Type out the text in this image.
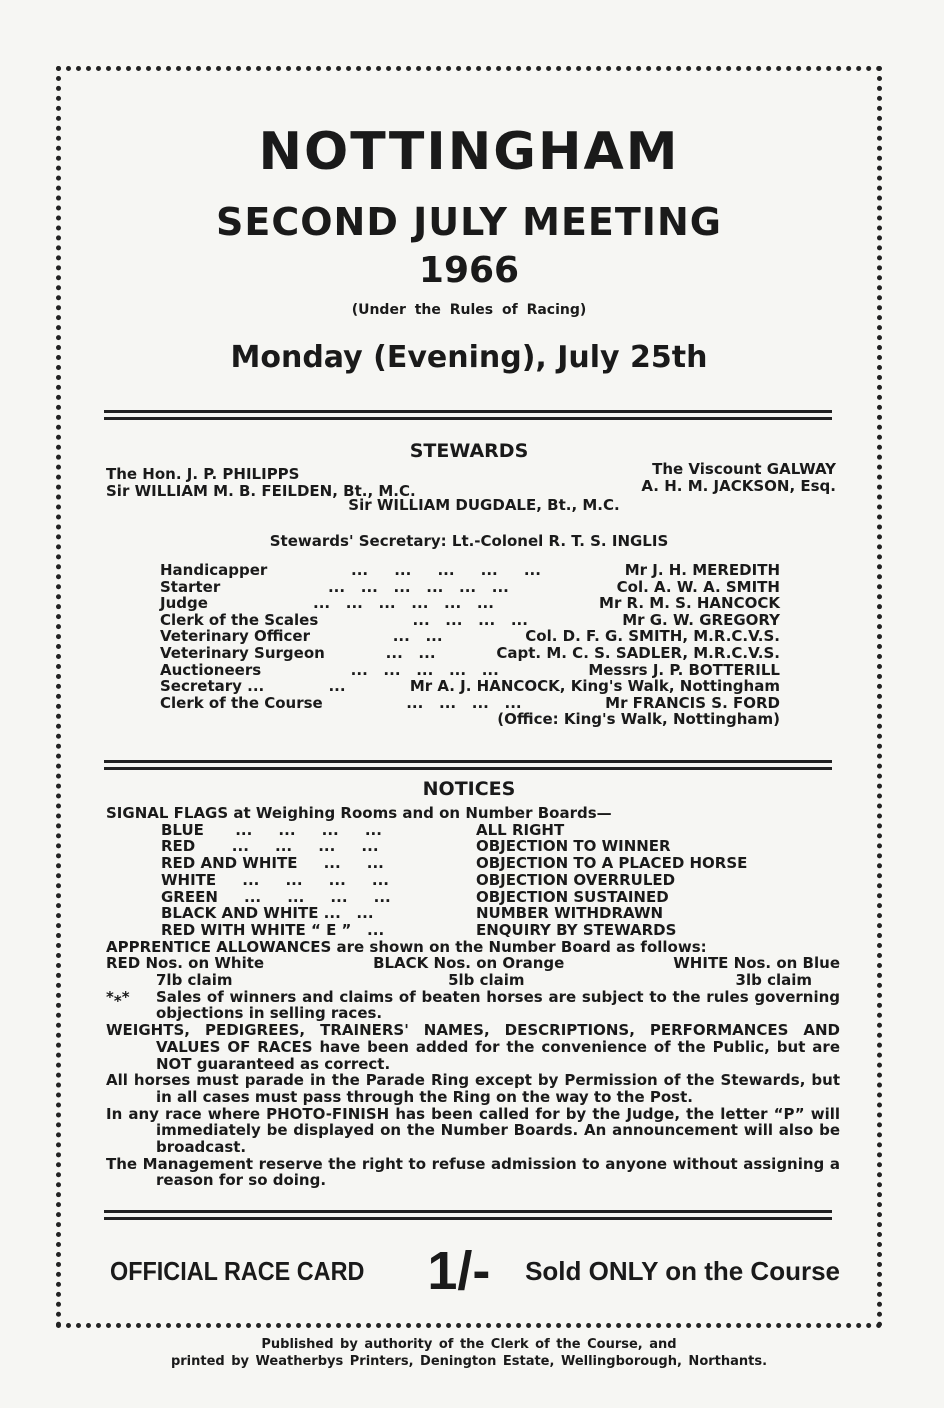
NOTTINGHAM
SECOND JULY MEETING
1966
(Under the Rules of Racing)
Monday (Evening), July 25th
STEWARDS
The Hon. J. P. PHILIPPS
Sir WILLIAM M. B. FEILDEN, Bt., M.C.
The Viscount GALWAY
A. H. M. JACKSON, Esq.
Sir WILLIAM DUGDALE, Bt., M.C.
Stewards' Secretary: Lt.-Colonel R. T. S. INGLIS
Handicapper	...     ...     ...     ...     ...	Mr J. H. MEREDITH
Starter	...   ...   ...   ...   ...   ...	Col. A. W. A. SMITH
Judge	...   ...   ...   ...   ...   ...	Mr R. M. S. HANCOCK
Clerk of the Scales	...   ...   ...   ...	Mr G. W. GREGORY
Veterinary Officer	...   ...	Col. D. F. G. SMITH, M.R.C.V.S.
Veterinary Surgeon	...   ...	Capt. M. C. S. SADLER, M.R.C.V.S.
Auctioneers	...   ...   ...   ...   ...	Messrs J. P. BOTTERILL
Secretary ...	...	Mr A. J. HANCOCK, King's Walk, Nottingham
Clerk of the Course	...   ...   ...   ...	Mr FRANCIS S. FORD
(Office: King's Walk, Nottingham)
NOTICES
SIGNAL FLAGS at Weighing Rooms and on Number Boards—
BLUE      ...     ...     ...     ...	ALL RIGHT
RED       ...     ...     ...     ...	OBJECTION TO WINNER
RED AND WHITE     ...     ...	OBJECTION TO A PLACED HORSE
WHITE     ...     ...     ...     ...	OBJECTION OVERRULED
GREEN     ...     ...     ...     ...	OBJECTION SUSTAINED
BLACK AND WHITE ...   ...	NUMBER WITHDRAWN
RED WITH WHITE “ E ”   ...	ENQUIRY BY STEWARDS
APPRENTICE ALLOWANCES are shown on the Number Board as follows:
RED Nos. on White
7lb claim
BLACK Nos. on Orange
5lb claim
WHITE Nos. on Blue
3lb claim
*⁎*	Sales of winners and claims of beaten horses are subject to the rules governing objections in selling races.
WEIGHTS, PEDIGREES, TRAINERS' NAMES, DESCRIPTIONS, PERFORMANCES AND VALUES OF RACES have been added for the convenience of the Public, but are NOT guaranteed as correct.
All horses must parade in the Parade Ring except by Permission of the Stewards, but in all cases must pass through the Ring on the way to the Post.
In any race where PHOTO-FINISH has been called for by the Judge, the letter “P” will immediately be displayed on the Number Boards. An announcement will also be broadcast.
The Management reserve the right to refuse admission to anyone without assigning a reason for so doing.
OFFICIAL RACE CARD 1/- Sold ONLY on the Course
Published by authority of the Clerk of the Course, and
printed by Weatherbys Printers, Denington Estate, Wellingborough, Northants.
